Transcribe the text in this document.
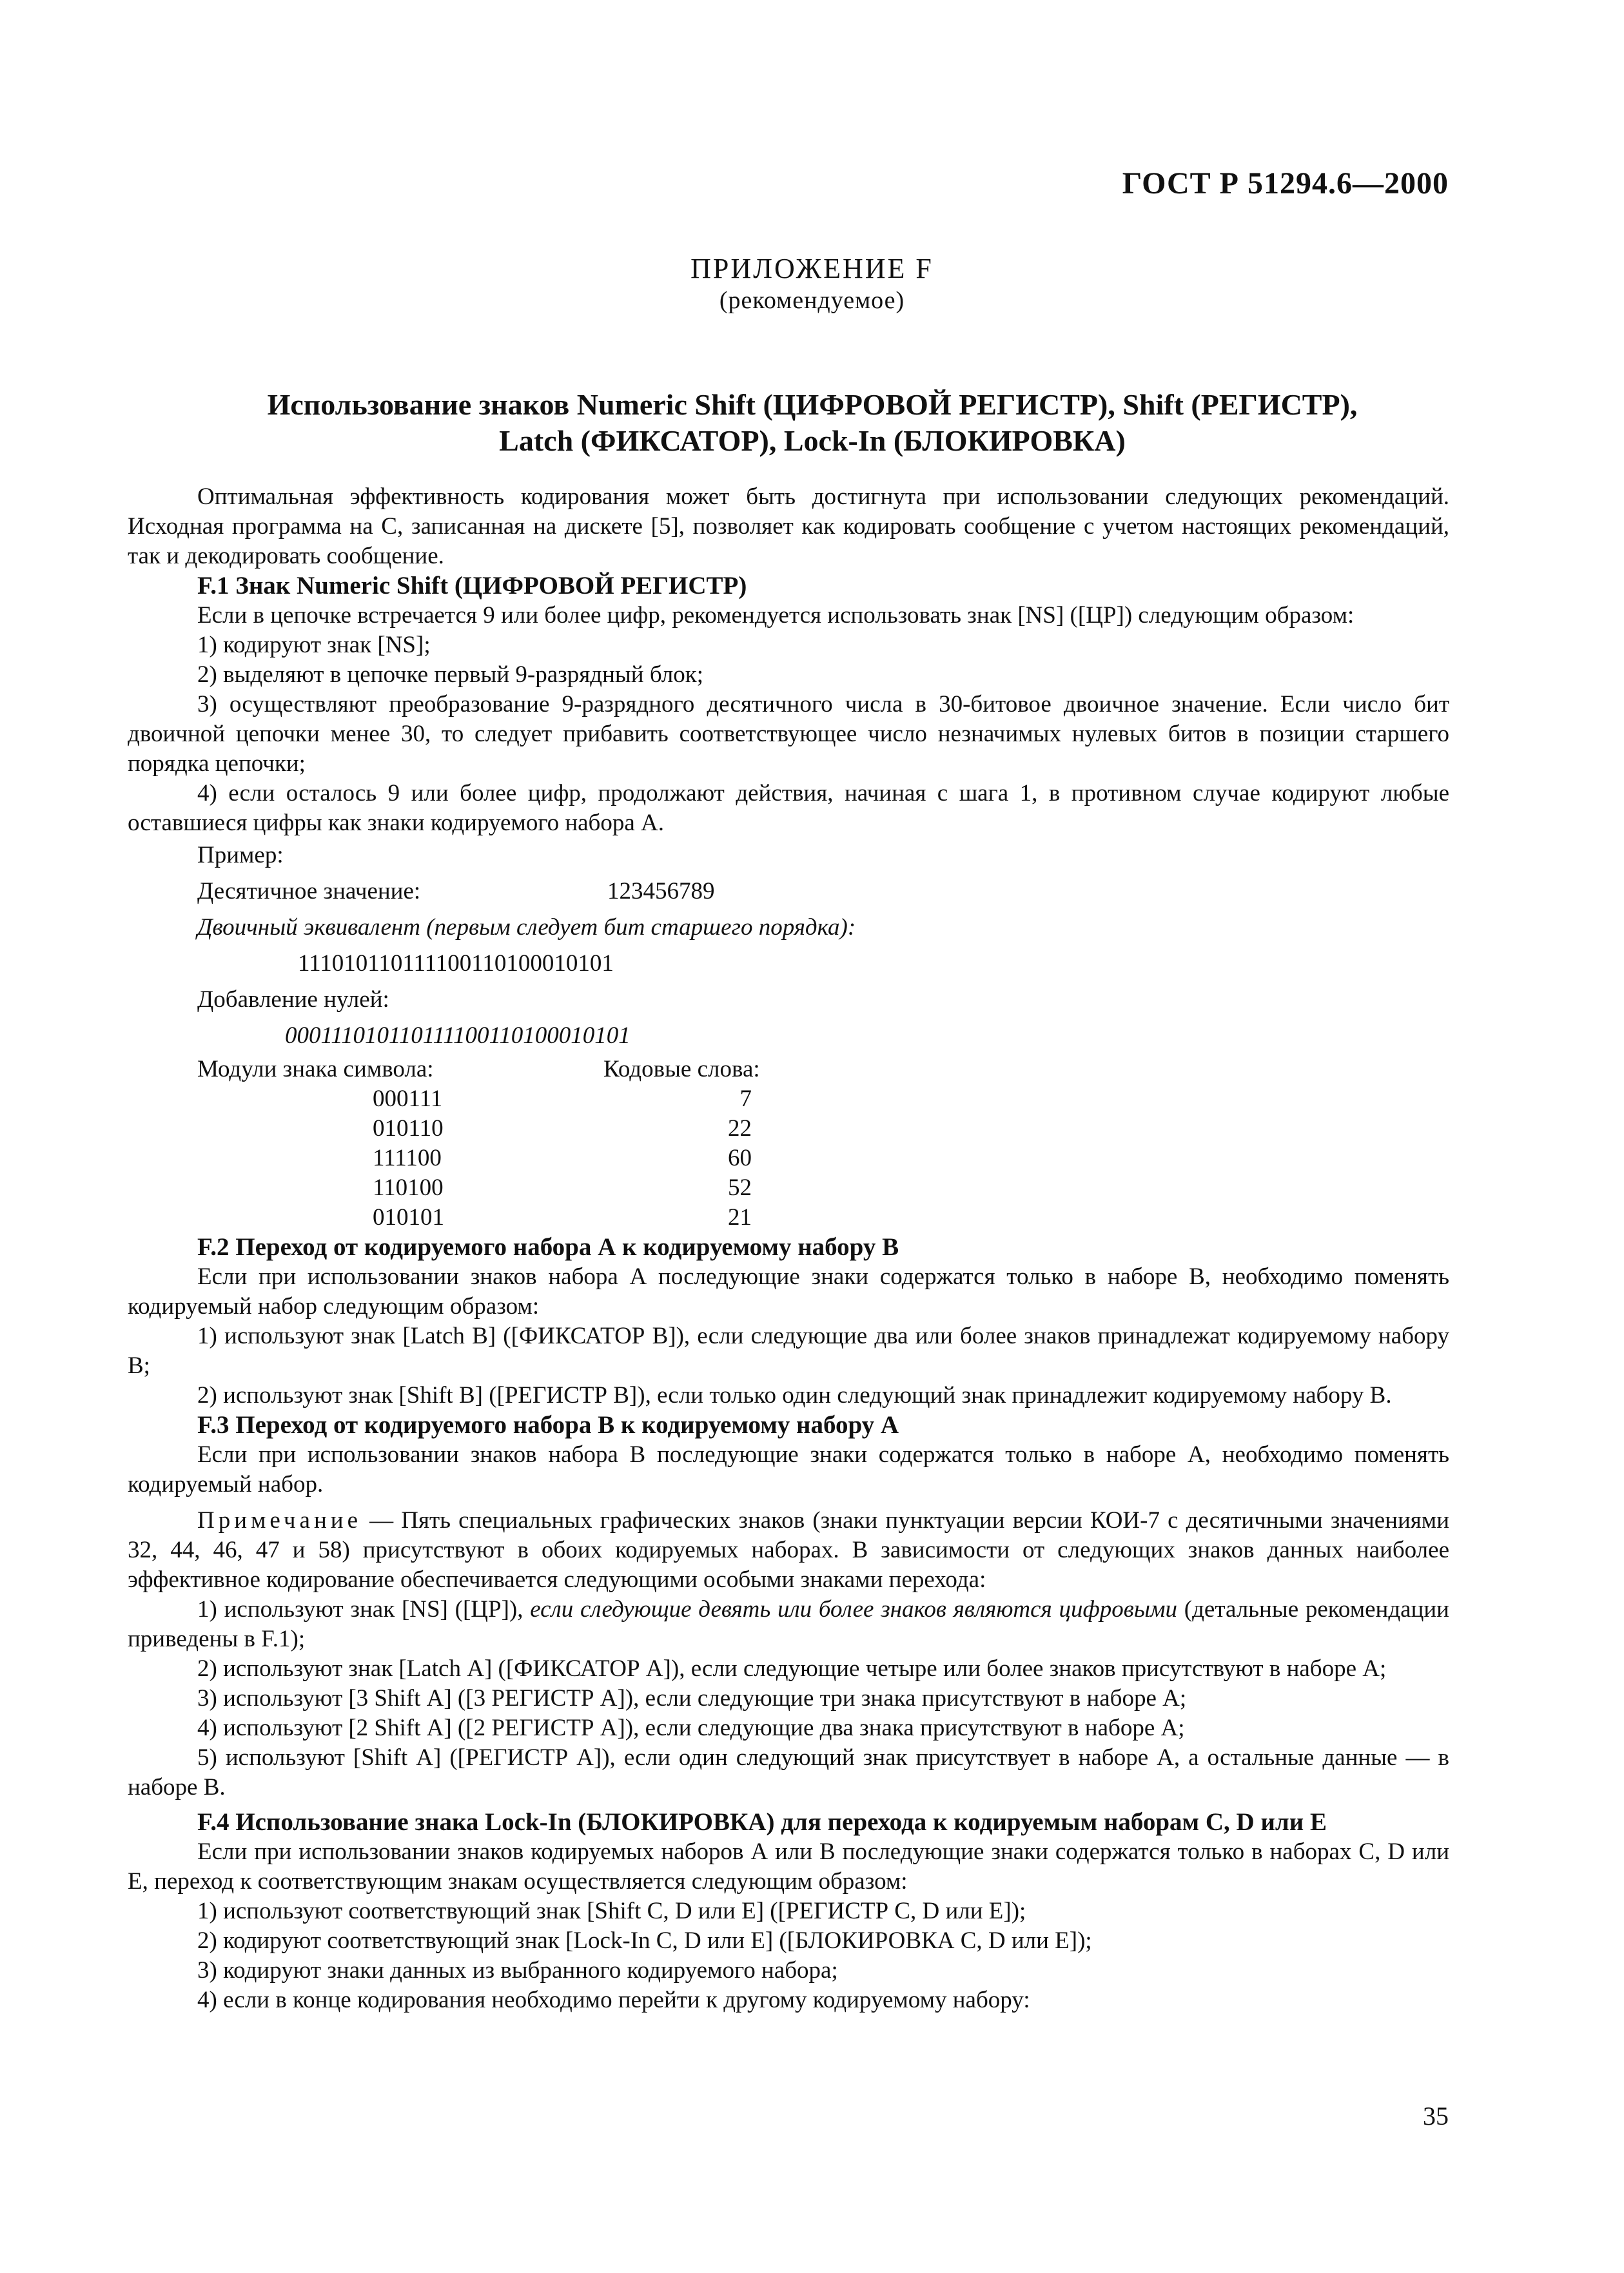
ГОСТ Р 51294.6—2000
ПРИЛОЖЕНИЕ F
(рекомендуемое)
Использование знаков Numeric Shift (ЦИФРОВОЙ РЕГИСТР), Shift (РЕГИСТР),
Latch (ФИКСАТОР), Lock-In (БЛОКИРОВКА)

Оптимальная эффективность кодирования может быть достигнута при использовании следующих рекомендаций. Исходная программа на С, записанная на дискете [5], позволяет как кодировать сообщение с учетом настоящих рекомендаций, так и декодировать сообщение.

F.1 Знак Numeric Shift (ЦИФРОВОЙ РЕГИСТР)

Если в цепочке встречается 9 или более цифр, рекомендуется использовать знак [NS] ([ЦР]) следующим образом:

1) кодируют знак [NS];

2) выделяют в цепочке первый 9-разрядный блок;

3) осуществляют преобразование 9-разрядного десятичного числа в 30-битовое двоичное значение. Если число бит двоичной цепочки менее 30, то следует прибавить соответствующее число незначимых нулевых битов в позиции старшего порядка цепочки;

4) если осталось 9 или более цифр, продолжают действия, начиная с шага 1, в противном случае кодируют любые оставшиеся цифры как знаки кодируемого набора А.

Пример:
Десятичное значение:	123456789
Двоичный эквивалент (первым следует бит старшего порядка):
111010110111100110100010101
Добавление нулей:
000111010110111100110100010101
Модули знака символа:	Кодовые слова:
000111	7
010110	22
111100	60
110100	52
010101	21
F.2 Переход от кодируемого набора А к кодируемому набору В

Если при использовании знаков набора А последующие знаки содержатся только в наборе В, необходимо поменять кодируемый набор следующим образом:

1) используют знак [Latch В] ([ФИКСАТОР В]), если следующие два или более знаков принадлежат кодируемому набору В;

2) используют знак [Shift В] ([РЕГИСТР В]), если только один следующий знак принадлежит кодируемому набору В.

F.3 Переход от кодируемого набора В к кодируемому набору А

Если при использовании знаков набора В последующие знаки содержатся только в наборе А, необходимо поменять кодируемый набор.

Примечание — Пять специальных графических знаков (знаки пунктуации версии КОИ-7 с десятичными значениями 32, 44, 46, 47 и 58) присутствуют в обоих кодируемых наборах. В зависимости от следующих знаков данных наиболее эффективное кодирование обеспечивается следующими особыми знаками перехода:

1) используют знак [NS] ([ЦР]), если следующие девять или более знаков являются цифровыми (детальные рекомендации приведены в F.1);

2) используют знак [Latch А] ([ФИКСАТОР А]), если следующие четыре или более знаков присутствуют в наборе А;

3) используют [3 Shift А] ([3 РЕГИСТР А]), если следующие три знака присутствуют в наборе А;

4) используют [2 Shift А] ([2 РЕГИСТР А]), если следующие два знака присутствуют в наборе А;

5) используют [Shift А] ([РЕГИСТР А]), если один следующий знак присутствует в наборе А, а остальные данные — в наборе В.

F.4 Использование знака Lock-In (БЛОКИРОВКА) для перехода к кодируемым наборам С, D или Е

Если при использовании знаков кодируемых наборов А или В последующие знаки содержатся только в наборах С, D или Е, переход к соответствующим знакам осуществляется следующим образом:

1) используют соответствующий знак [Shift С, D или Е] ([РЕГИСТР С, D или Е]);

2) кодируют соответствующий знак [Lock-In С, D или Е] ([БЛОКИРОВКА С, D или Е]);

3) кодируют знаки данных из выбранного кодируемого набора;

4) если в конце кодирования необходимо перейти к другому кодируемому набору:

35
